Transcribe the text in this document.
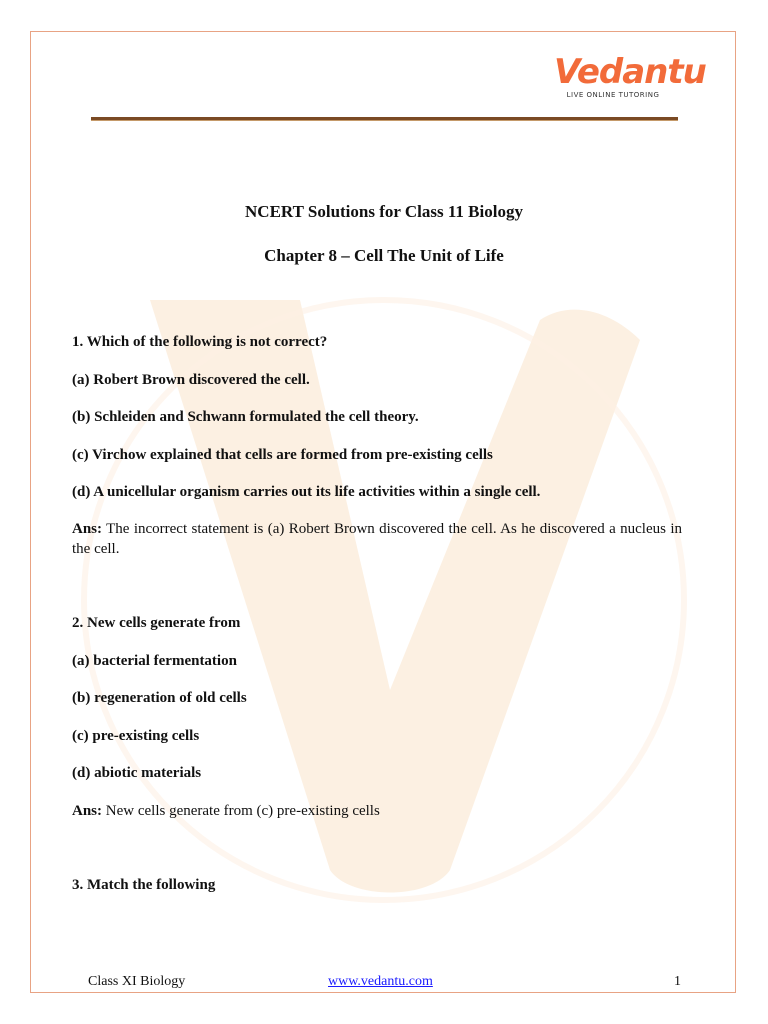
Vedantu
LIVE ONLINE TUTORING
NCERT Solutions for Class 11 Biology
Chapter 8 – Cell The Unit of Life
1. Which of the following is not correct?
(a) Robert Brown discovered the cell.
(b) Schleiden and Schwann formulated the cell theory.
(c) Virchow explained that cells are formed from pre-existing cells
(d) A unicellular organism carries out its life activities within a single cell.
Ans: The incorrect statement is (a) Robert Brown discovered the cell. As he discovered a nucleus in the cell.
2. New cells generate from
(a) bacterial fermentation
(b) regeneration of old cells
(c) pre-existing cells
(d) abiotic materials
Ans: New cells generate from (c) pre-existing cells
3. Match the following
Class XI Biology	www.vedantu.com	1
